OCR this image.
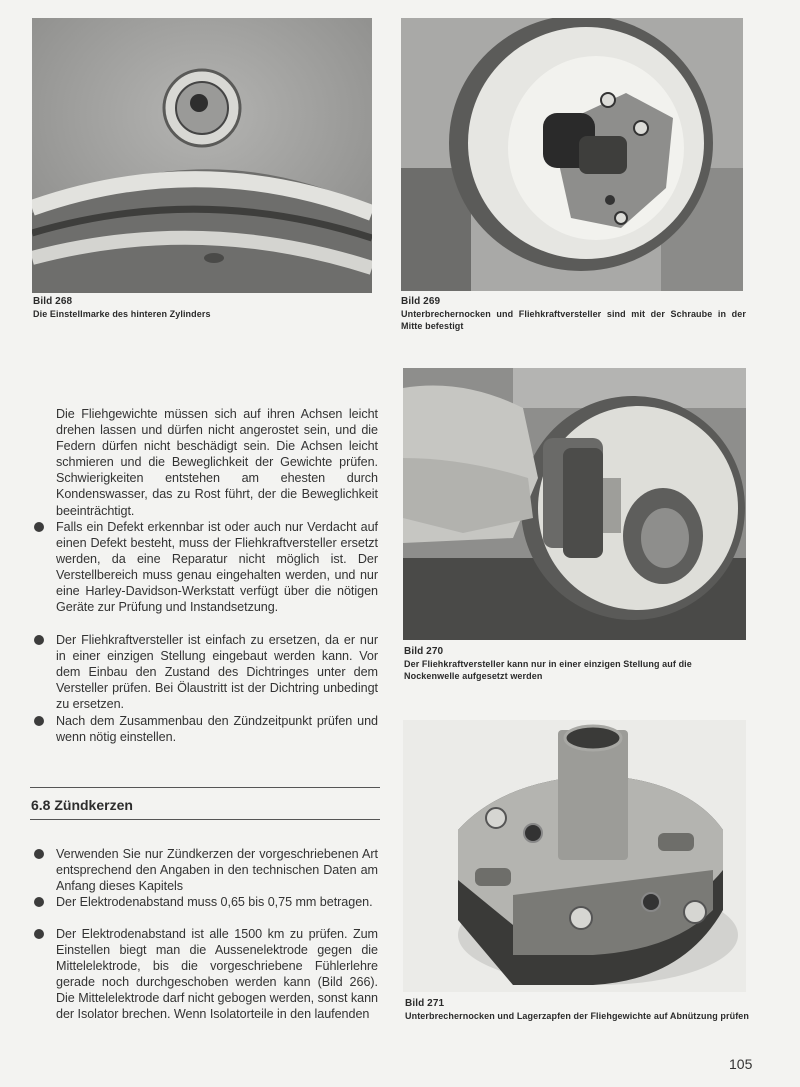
Bild 268
Die Einstellmarke des hinteren Zylinders
Bild 269
Unterbrechernocken und Fliehkraftversteller sind mit der Schraube in der Mitte befestigt

Die Fliehgewichte müssen sich auf ihren Achsen leicht drehen lassen und dürfen nicht angerostet sein, und die Federn dürfen nicht beschädigt sein. Die Achsen leicht schmieren und die Beweglichkeit der Gewichte prüfen. Schwierigkeiten entstehen am ehesten durch Kondenswasser, das zu Rost führt, der die Beweglichkeit beeinträchtigt.

Falls ein Defekt erkennbar ist oder auch nur Verdacht auf einen Defekt besteht, muss der Fliehkraftversteller ersetzt werden, da eine Reparatur nicht möglich ist. Der Verstellbereich muss genau eingehalten werden, und nur eine Harley-Davidson-Werkstatt verfügt über die nötigen Geräte zur Prüfung und Instandsetzung.
Der Fliehkraftversteller ist einfach zu ersetzen, da er nur in einer einzigen Stellung eingebaut werden kann. Vor dem Einbau den Zustand des Dichtringes unter dem Versteller prüfen. Bei Ölaustritt ist der Dichtring unbedingt zu ersetzen.
Nach dem Zusammenbau den Zündzeitpunkt prüfen und wenn nötig einstellen.
6.8 Zündkerzen
Verwenden Sie nur Zündkerzen der vorgeschriebenen Art entsprechend den Angaben in den technischen Daten am Anfang dieses Kapitels
Der Elektrodenabstand muss 0,65 bis 0,75 mm betragen.
Der Elektrodenabstand ist alle 1500 km zu prüfen. Zum Einstellen biegt man die Aussenelektrode gegen die Mittelelektrode, bis die vorgeschriebene Fühlerlehre gerade noch durchgeschoben werden kann (Bild 266). Die Mittelelektrode darf nicht gebogen werden, sonst kann der Isolator brechen. Wenn Isolatorteile in den laufenden
Bild 270
Der Fliehkraftversteller kann nur in einer einzigen Stellung auf die Nockenwelle aufgesetzt werden
Bild 271
Unterbrechernocken und Lagerzapfen der Fliehgewichte auf Abnützung prüfen
105
